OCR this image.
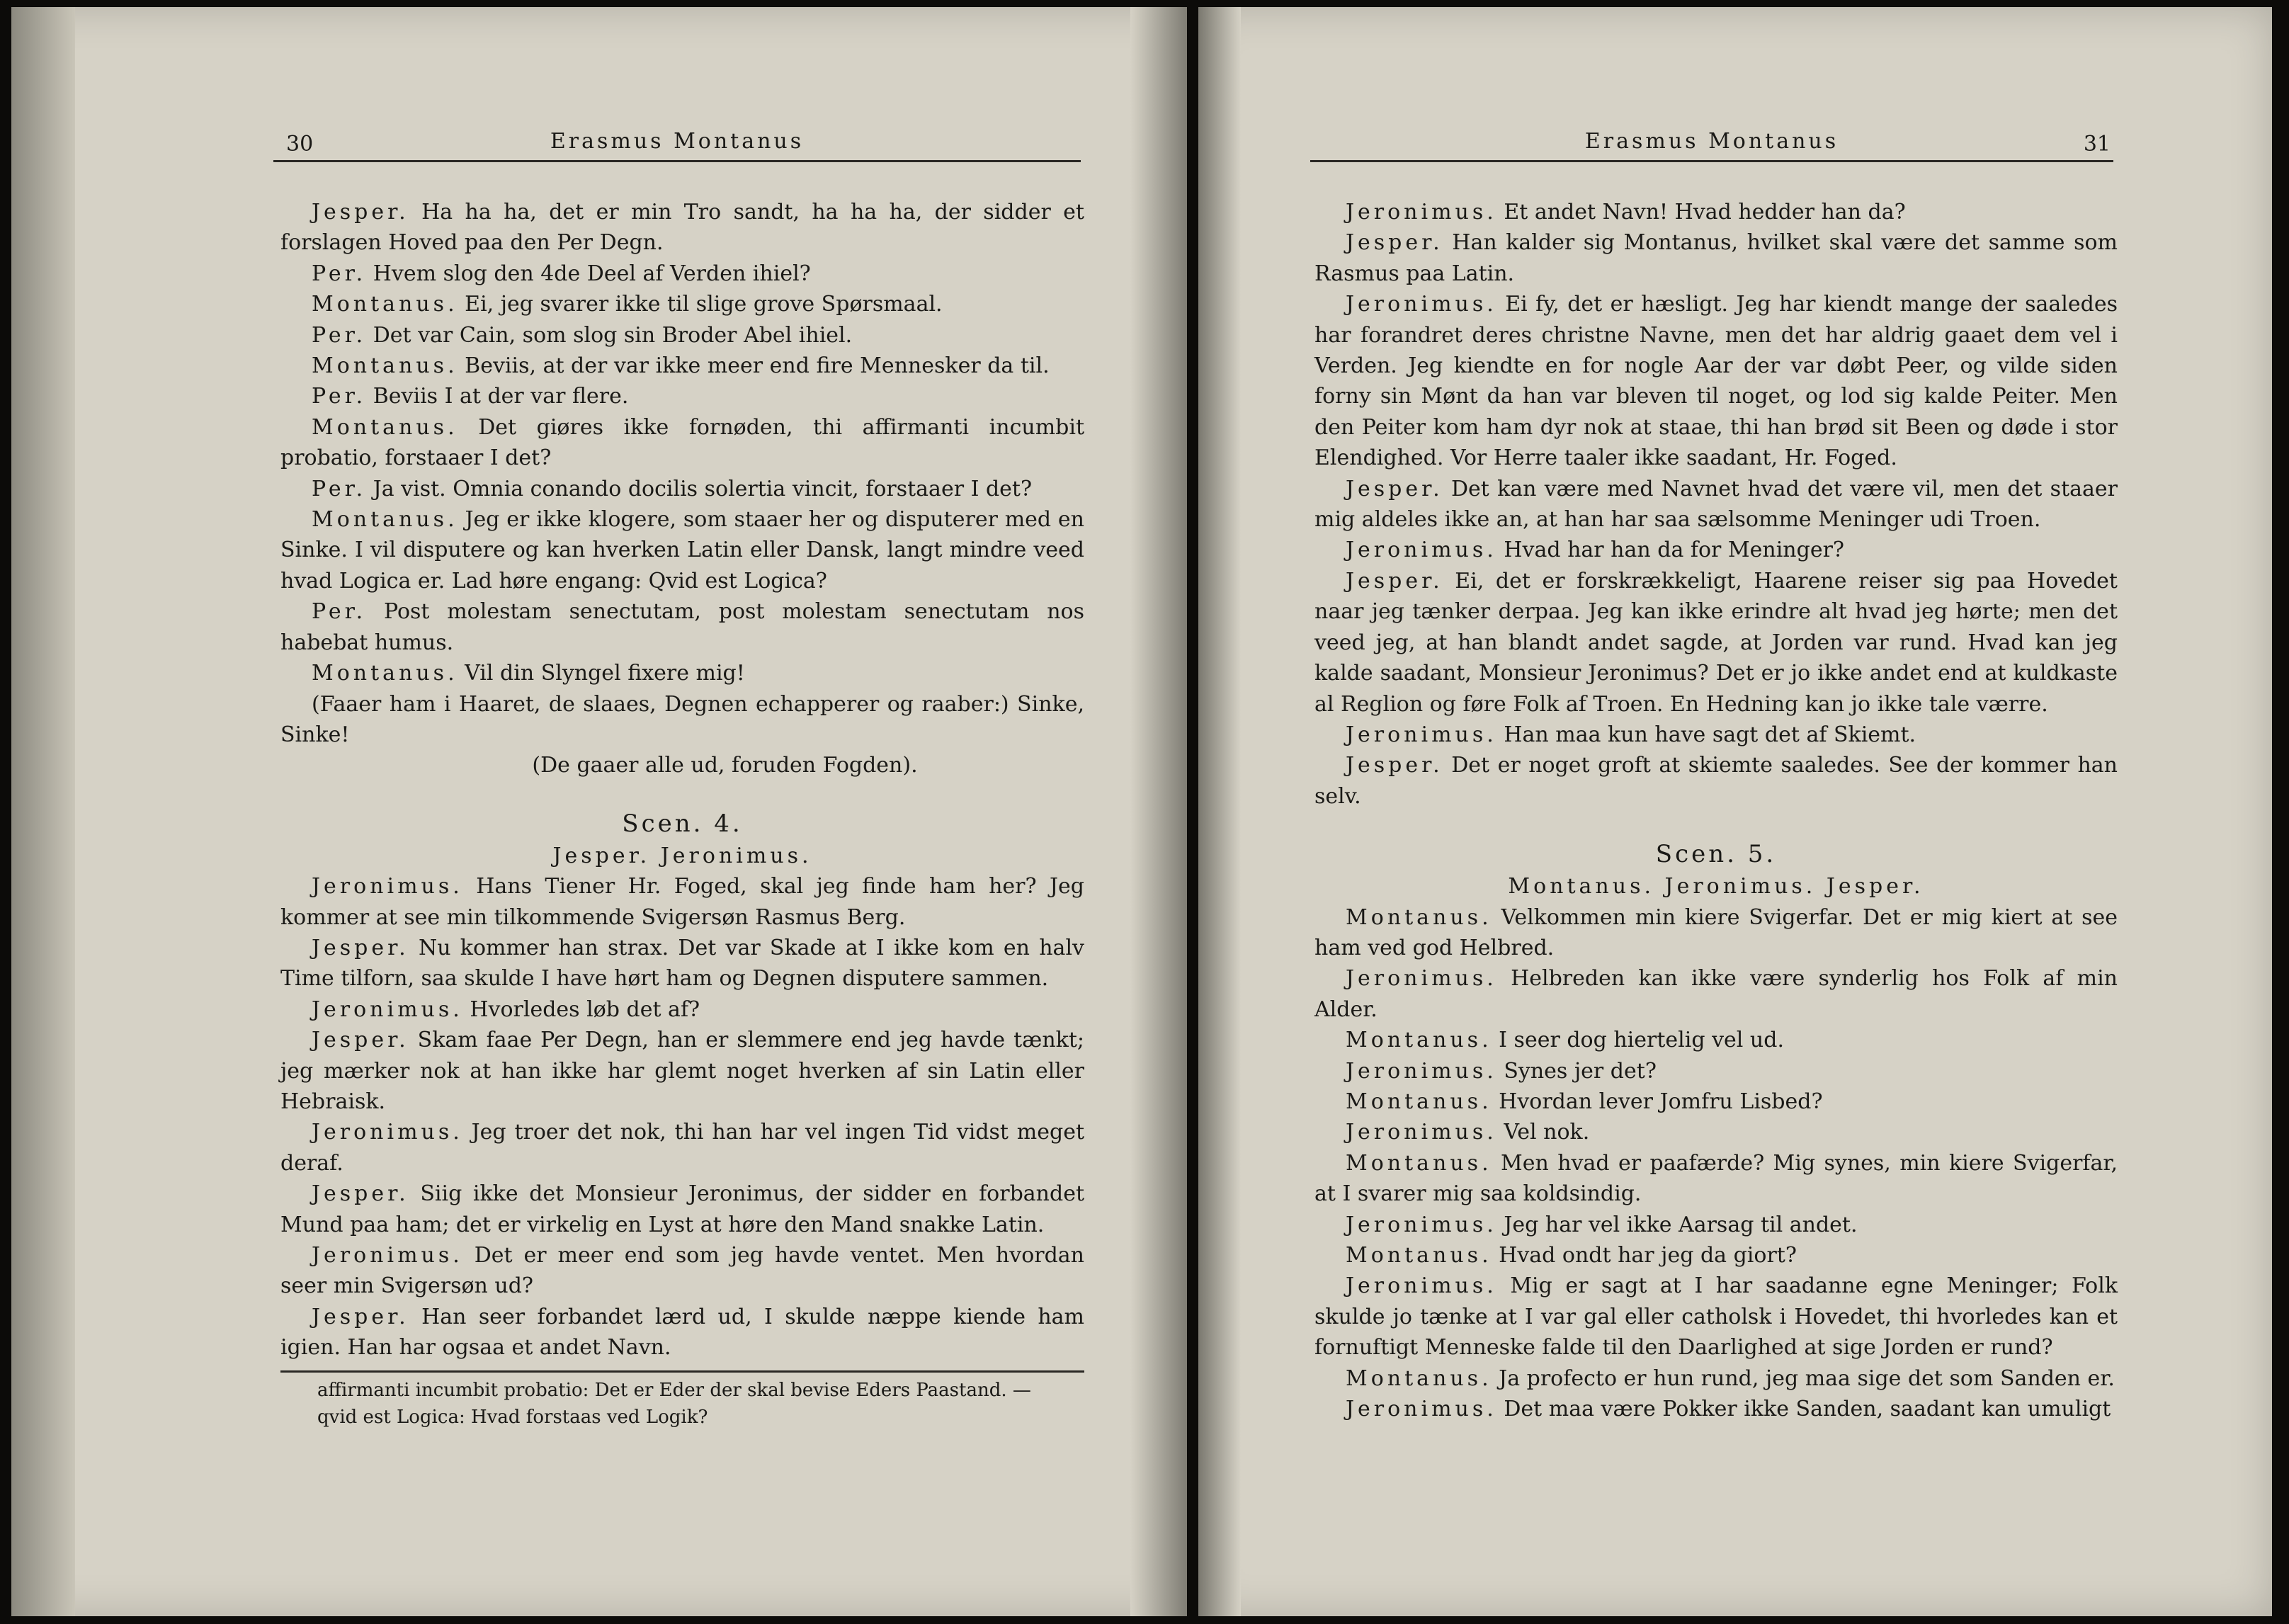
30	Erasmus Montanus

Jesper. Ha ha ha, det er min Tro sandt, ha ha ha, der sidder et forslagen Hoved paa den Per Degn.

Per. Hvem slog den 4de Deel af Verden ihiel?

Montanus. Ei, jeg svarer ikke til slige grove Spørsmaal.

Per. Det var Cain, som slog sin Broder Abel ihiel.

Montanus. Beviis, at der var ikke meer end fire Mennesker da til.

Per. Beviis I at der var flere.

Montanus. Det giøres ikke fornøden, thi affirmanti incumbit probatio, forstaaer I det?

Per. Ja vist. Omnia conando docilis solertia vincit, forstaaer I det?

Montanus. Jeg er ikke klogere, som staaer her og disputerer med en Sinke. I vil disputere og kan hverken Latin eller Dansk, langt mindre veed hvad Logica er. Lad høre engang: Qvid est Logica?

Per. Post molestam senectutam, post molestam senectutam nos habebat humus.

Montanus. Vil din Slyngel fixere mig!

(Faaer ham i Haaret, de slaaes, Degnen echapperer og raaber:) Sinke, Sinke!

(De gaaer alle ud, foruden Fogden).

Scen. 4.

Jesper. Jeronimus.

Jeronimus. Hans Tiener Hr. Foged, skal jeg finde ham her? Jeg kommer at see min tilkommende Svigersøn Rasmus Berg.

Jesper. Nu kommer han strax. Det var Skade at I ikke kom en halv Time tilforn, saa skulde I have hørt ham og Degnen disputere sammen.

Jeronimus. Hvorledes løb det af?

Jesper. Skam faae Per Degn, han er slemmere end jeg havde tænkt; jeg mærker nok at han ikke har glemt noget hverken af sin Latin eller Hebraisk.

Jeronimus. Jeg troer det nok, thi han har vel ingen Tid vidst meget deraf.

Jesper. Siig ikke det Monsieur Jeronimus, der sidder en forbandet Mund paa ham; det er virkelig en Lyst at høre den Mand snakke Latin.

Jeronimus. Det er meer end som jeg havde ventet. Men hvordan seer min Svigersøn ud?

Jesper. Han seer forbandet lærd ud, I skulde næppe kiende ham igien. Han har ogsaa et andet Navn.

affirmanti incumbit probatio: Det er Eder der skal bevise Eders Paastand. —

qvid est Logica: Hvad forstaas ved Logik?

Erasmus Montanus	31

Jeronimus. Et andet Navn! Hvad hedder han da?

Jesper. Han kalder sig Montanus, hvilket skal være det samme som Rasmus paa Latin.

Jeronimus. Ei fy, det er hæsligt. Jeg har kiendt mange der saaledes har forandret deres christne Navne, men det har aldrig gaaet dem vel i Verden. Jeg kiendte en for nogle Aar der var døbt Peer, og vilde siden forny sin Mønt da han var bleven til noget, og lod sig kalde Peiter. Men den Peiter kom ham dyr nok at staae, thi han brød sit Been og døde i stor Elendighed. Vor Herre taaler ikke saadant, Hr. Foged.

Jesper. Det kan være med Navnet hvad det være vil, men det staaer mig aldeles ikke an, at han har saa sælsomme Meninger udi Troen.

Jeronimus. Hvad har han da for Meninger?

Jesper. Ei, det er forskrækkeligt, Haarene reiser sig paa Hovedet naar jeg tænker derpaa. Jeg kan ikke erindre alt hvad jeg hørte; men det veed jeg, at han blandt andet sagde, at Jorden var rund. Hvad kan jeg kalde saadant, Monsieur Jeronimus? Det er jo ikke andet end at kuldkaste al Reglion og føre Folk af Troen. En Hedning kan jo ikke tale værre.

Jeronimus. Han maa kun have sagt det af Skiemt.

Jesper. Det er noget groft at skiemte saaledes. See der kommer han selv.

Scen. 5.

Montanus. Jeronimus. Jesper.

Montanus. Velkommen min kiere Svigerfar. Det er mig kiert at see ham ved god Helbred.

Jeronimus. Helbreden kan ikke være synderlig hos Folk af min Alder.

Montanus. I seer dog hiertelig vel ud.

Jeronimus. Synes jer det?

Montanus. Hvordan lever Jomfru Lisbed?

Jeronimus. Vel nok.

Montanus. Men hvad er paafærde? Mig synes, min kiere Svigerfar, at I svarer mig saa koldsindig.

Jeronimus. Jeg har vel ikke Aarsag til andet.

Montanus. Hvad ondt har jeg da giort?

Jeronimus. Mig er sagt at I har saadanne egne Meninger; Folk skulde jo tænke at I var gal eller catholsk i Hovedet, thi hvorledes kan et fornuftigt Menneske falde til den Daarlighed at sige Jorden er rund?

Montanus. Ja profecto er hun rund, jeg maa sige det som Sanden er.

Jeronimus. Det maa være Pokker ikke Sanden, saadant kan umuligt
